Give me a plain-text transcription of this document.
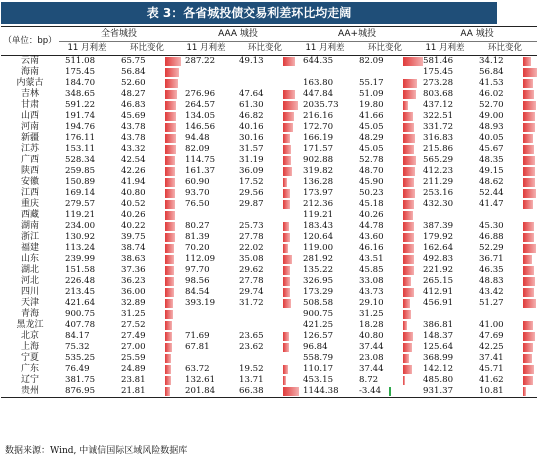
表 3：各省城投债交易利差环比均走阔
（单位：bp）	全省城投		AAA 城投		AA+城投		AA 城投	
	11 月利差	环比变化	11 月利差	环比变化	11 月利差	环比变化	11 月利差	环比变化
云南	511.08	65.75	287.22	49.13	644.35	82.09	581.46	34.12
海南	175.45	56.84					175.45	56.84
内蒙古	184.70	52.60			163.80	55.17	273.28	41.53
吉林	348.65	48.27	276.96	47.64	447.84	51.09	803.68	46.02
甘肃	591.22	46.83	264.57	61.30	2035.73	19.80	437.12	52.70
山西	191.74	45.69	134.05	46.82	216.16	41.66	322.51	49.00
河南	194.76	43.78	146.56	40.16	172.70	45.05	331.72	48.93
新疆	176.11	43.78	94.48	30.16	166.19	48.29	316.83	40.05
江苏	153.11	43.32	82.09	31.57	171.57	45.05	215.86	45.67
广西	528.34	42.54	114.75	31.19	902.88	52.78	565.29	48.35
陕西	259.85	42.26	161.37	36.09	319.82	48.70	412.23	49.15
安徽	150.89	41.94	60.90	17.52	136.28	45.90	211.29	48.62
江西	169.14	40.80	93.70	29.56	173.97	50.23	253.16	52.44
重庆	279.57	40.52	76.50	29.87	212.36	45.18	432.30	41.47
西藏	119.21	40.26			119.21	40.26		
湖南	234.00	40.22	80.27	25.73	183.43	44.78	387.39	45.30
浙江	130.92	39.75	81.39	27.78	120.64	43.60	179.92	46.88
福建	113.24	38.74	70.20	22.02	119.00	46.16	162.64	52.29
山东	239.99	38.63	112.09	35.08	281.92	43.51	492.83	36.71
湖北	151.58	37.36	97.70	29.62	135.22	45.85	221.92	46.35
河北	226.48	36.23	98.56	27.78	326.95	33.08	265.15	48.83
四川	213.45	36.00	84.54	29.74	173.29	43.73	412.91	43.42
天津	421.64	32.89	393.19	31.72	508.58	29.10	456.91	51.27
青海	900.75	31.25			900.75	31.25		
黑龙江	407.78	27.52			421.25	18.28	386.81	41.00
北京	84.17	27.49	71.69	23.65	126.57	40.80	148.37	47.69
上海	75.32	27.00	67.81	23.62	96.84	37.44	125.64	42.25
宁夏	535.25	25.59			558.79	23.08	368.99	37.41
广东	76.49	24.89	63.72	19.52	110.17	37.44	142.12	45.71
辽宁	381.75	23.81	132.61	13.71	453.15	8.72	485.80	41.62
贵州	876.95	21.81	201.84	66.38	1144.38	-3.44	931.37	10.81
数据来源：Wind, 中诚信国际区域风险数据库
